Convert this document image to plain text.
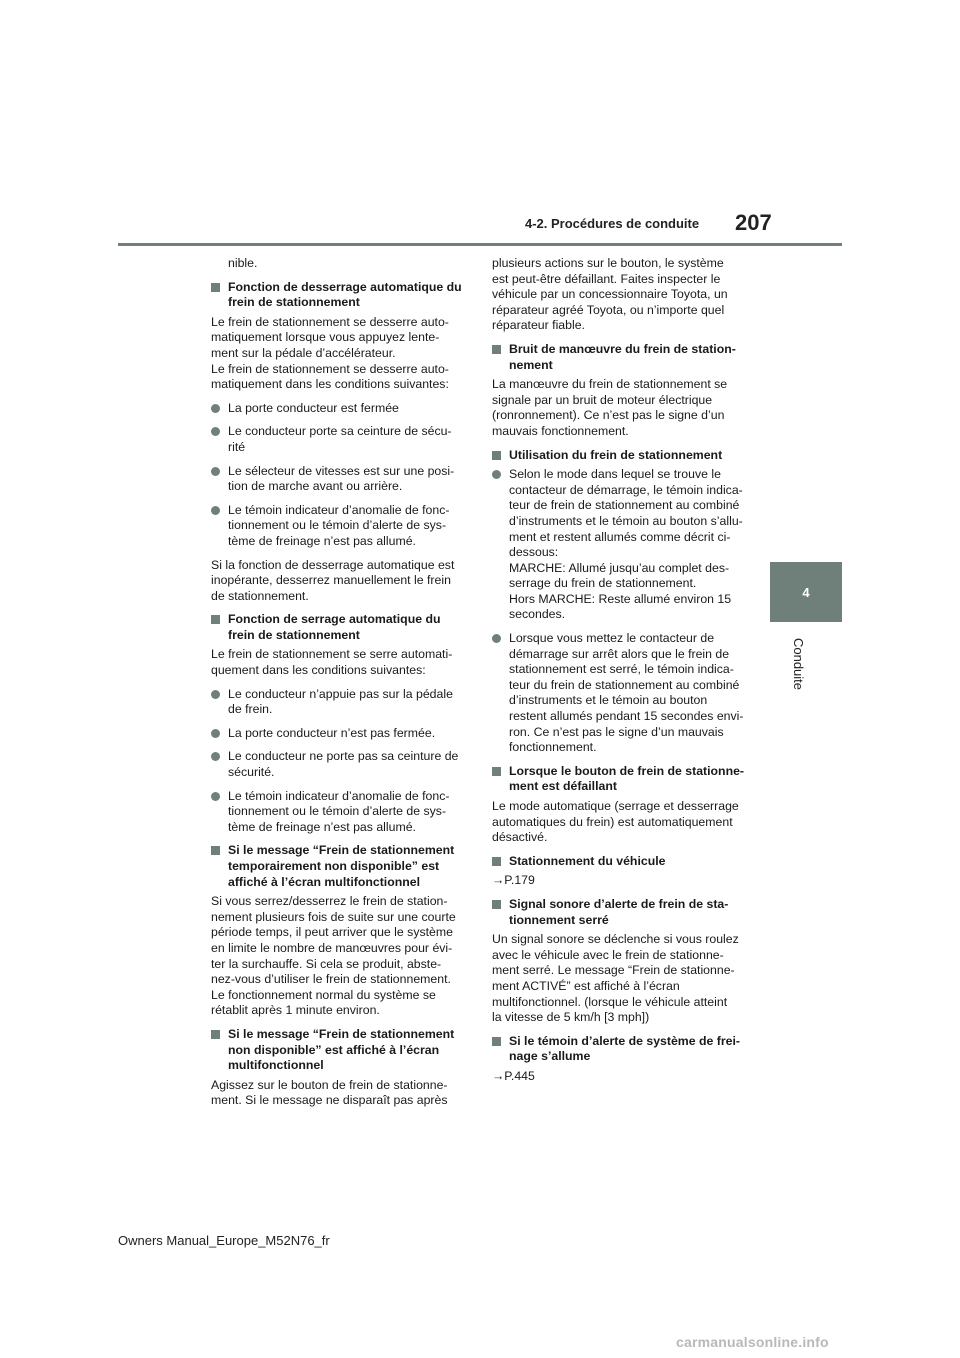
4-2. Procédures de conduite 207
4
Conduite
nible.
Fonction de desserrage automatique du
frein de stationnement
Le frein de stationnement se desserre auto-
matiquement lorsque vous appuyez lente-
ment sur la pédale d’accélérateur.
Le frein de stationnement se desserre auto-
matiquement dans les conditions suivantes:
La porte conducteur est fermée
Le conducteur porte sa ceinture de sécu-
rité
Le sélecteur de vitesses est sur une posi-
tion de marche avant ou arrière.
Le témoin indicateur d’anomalie de fonc-
tionnement ou le témoin d’alerte de sys-
tème de freinage n’est pas allumé.
Si la fonction de desserrage automatique est
inopérante, desserrez manuellement le frein
de stationnement.
Fonction de serrage automatique du
frein de stationnement
Le frein de stationnement se serre automati-
quement dans les conditions suivantes:
Le conducteur n’appuie pas sur la pédale
de frein.
La porte conducteur n’est pas fermée.
Le conducteur ne porte pas sa ceinture de
sécurité.
Le témoin indicateur d’anomalie de fonc-
tionnement ou le témoin d’alerte de sys-
tème de freinage n’est pas allumé.
Si le message “Frein de stationnement
temporairement non disponible” est
affiché à l’écran multifonctionnel
Si vous serrez/desserrez le frein de station-
nement plusieurs fois de suite sur une courte
période temps, il peut arriver que le système
en limite le nombre de manœuvres pour évi-
ter la surchauffe. Si cela se produit, abste-
nez-vous d’utiliser le frein de stationnement.
Le fonctionnement normal du système se
rétablit après 1 minute environ.
Si le message “Frein de stationnement
non disponible” est affiché à l’écran
multifonctionnel
Agissez sur le bouton de frein de stationne-
ment. Si le message ne disparaît pas après
plusieurs actions sur le bouton, le système
est peut-être défaillant. Faites inspecter le
véhicule par un concessionnaire Toyota, un
réparateur agréé Toyota, ou n’importe quel
réparateur fiable.
Bruit de manœuvre du frein de station-
nement
La manœuvre du frein de stationnement se
signale par un bruit de moteur électrique
(ronronnement). Ce n’est pas le signe d’un
mauvais fonctionnement.
Utilisation du frein de stationnement
Selon le mode dans lequel se trouve le
contacteur de démarrage, le témoin indica-
teur de frein de stationnement au combiné
d’instruments et le témoin au bouton s’allu-
ment et restent allumés comme décrit ci-
dessous:
MARCHE: Allumé jusqu’au complet des-
serrage du frein de stationnement.
Hors MARCHE: Reste allumé environ 15
secondes.
Lorsque vous mettez le contacteur de
démarrage sur arrêt alors que le frein de
stationnement est serré, le témoin indica-
teur du frein de stationnement au combiné
d’instruments et le témoin au bouton
restent allumés pendant 15 secondes envi-
ron. Ce n’est pas le signe d’un mauvais
fonctionnement.
Lorsque le bouton de frein de stationne-
ment est défaillant
Le mode automatique (serrage et desserrage
automatiques du frein) est automatiquement
désactivé.
Stationnement du véhicule
→P.179
Signal sonore d’alerte de frein de sta-
tionnement serré
Un signal sonore se déclenche si vous roulez
avec le véhicule avec le frein de stationne-
ment serré. Le message “Frein de stationne-
ment ACTIVÉ” est affiché à l’écran
multifonctionnel. (lorsque le véhicule atteint
la vitesse de 5 km/h [3 mph])
Si le témoin d’alerte de système de frei-
nage s’allume
→P.445
Owners Manual_Europe_M52N76_fr
carmanualsonline.info
